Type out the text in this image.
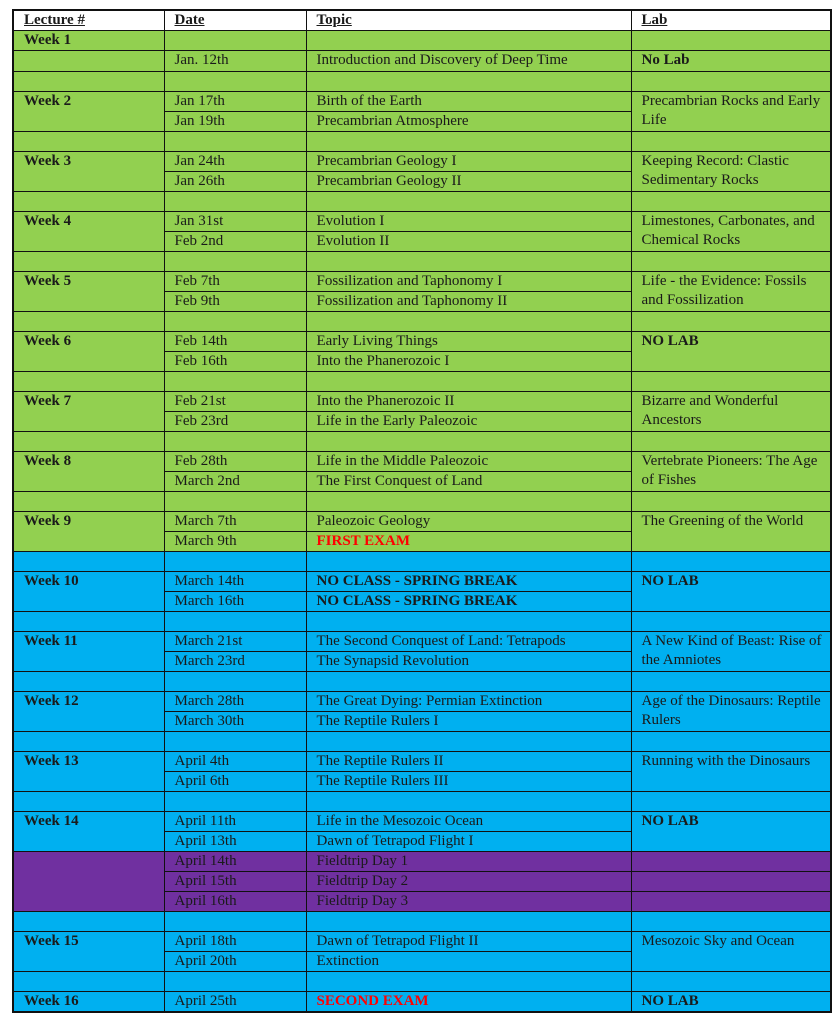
Lecture #	Date	Topic	Lab
Week 1			
	Jan. 12th	Introduction and Discovery of Deep Time	No Lab

Week 2	Jan 17th	Birth of the Earth	Precambrian Rocks and Early Life
	Jan 19th	Precambrian Atmosphere	

Week 3	Jan 24th	Precambrian Geology I	Keeping Record: Clastic Sedimentary Rocks
	Jan 26th	Precambrian Geology II	

Week 4	Jan 31st	Evolution I	Limestones, Carbonates, and Chemical Rocks
	Feb 2nd	Evolution II	

Week 5	Feb 7th	Fossilization and Taphonomy I	Life - the Evidence: Fossils and Fossilization
	Feb 9th	Fossilization and Taphonomy II	

Week 6	Feb 14th	Early Living Things	NO LAB
	Feb 16th	Into the Phanerozoic I	

Week 7	Feb 21st	Into the Phanerozoic II	Bizarre and Wonderful Ancestors
	Feb 23rd	Life in the Early Paleozoic	

Week 8	Feb 28th	Life in the Middle Paleozoic	Vertebrate Pioneers: The Age of Fishes
	March 2nd	The First Conquest of Land	

Week 9	March 7th	Paleozoic Geology	The Greening of the World
	March 9th	FIRST EXAM	

Week 10	March 14th	NO CLASS - SPRING BREAK	NO LAB
	March 16th	NO CLASS - SPRING BREAK	

Week 11	March 21st	The Second Conquest of Land: Tetrapods	A New Kind of Beast: Rise of the Amniotes
	March 23rd	The Synapsid Revolution	

Week 12	March 28th	The Great Dying: Permian Extinction	Age of the Dinosaurs: Reptile Rulers
	March 30th	The Reptile Rulers I	

Week 13	April 4th	The Reptile Rulers II	Running with the Dinosaurs
	April 6th	The Reptile Rulers III	

Week 14	April 11th	Life in the Mesozoic Ocean	NO LAB
	April 13th	Dawn of Tetrapod Flight I	
	April 14th	Fieldtrip Day 1	
	April 15th	Fieldtrip Day 2	
	April 16th	Fieldtrip Day 3	

Week 15	April 18th	Dawn of Tetrapod Flight II	Mesozoic Sky and Ocean
	April 20th	Extinction	

Week 16	April 25th	SECOND EXAM	NO LAB
